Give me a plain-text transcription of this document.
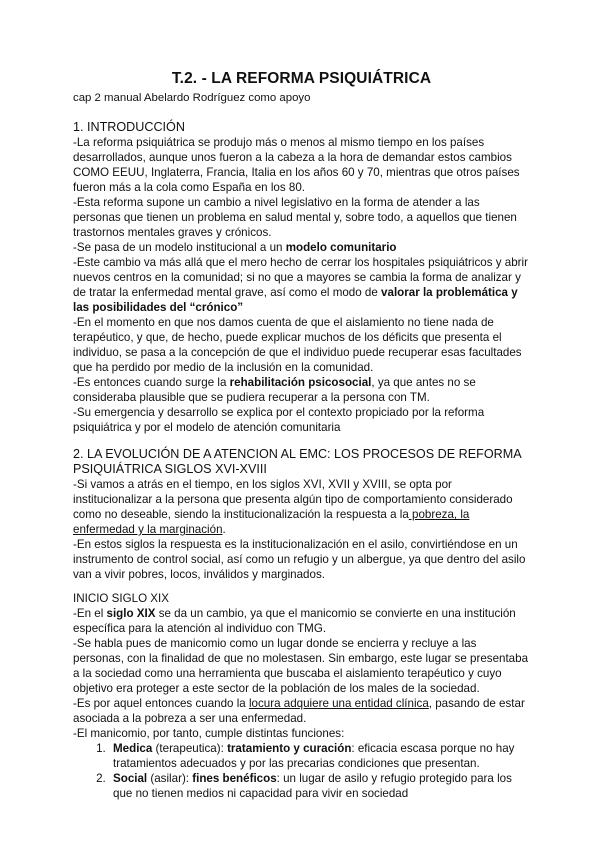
T.2. - LA REFORMA PSIQUIÁTRICA
cap 2 manual Abelardo Rodríguez como apoyo
1. INTRODUCCIÓN

-La reforma psiquiátrica se produjo más o menos al mismo tiempo en los países desarrollados, aunque unos fueron a la cabeza a la hora de demandar estos cambios COMO EEUU, Inglaterra, Francia, Italia en los años 60 y 70, mientras que otros países fueron más a la cola como España en los 80.

-Esta reforma supone un cambio a nivel legislativo en la forma de atender a las personas que tienen un problema en salud mental y, sobre todo, a aquellos que tienen trastornos mentales graves y crónicos.

-Se pasa de un modelo institucional a un modelo comunitario

-Este cambio va más allá que el mero hecho de cerrar los hospitales psiquiátricos y abrir nuevos centros en la comunidad; si no que a mayores se cambia la forma de analizar y de tratar la enfermedad mental grave, así como el modo de valorar la problemática y las posibilidades del “crónico”

-En el momento en que nos damos cuenta de que el aislamiento no tiene nada de terapéutico, y que, de hecho, puede explicar muchos de los déficits que presenta el individuo, se pasa a la concepción de que el individuo puede recuperar esas facultades que ha perdido por medio de la inclusión en la comunidad.

-Es entonces cuando surge la rehabilitación psicosocial, ya que antes no se consideraba plausible que se pudiera recuperar a la persona con TM.

-Su emergencia y desarrollo se explica por el contexto propiciado por la reforma psiquiátrica y por el modelo de atención comunitaria

2. LA EVOLUCIÓN DE A ATENCION AL EMC: LOS PROCESOS DE REFORMA PSIQUIÁTRICA SIGLOS XVI-XVIII

-Si vamos a atrás en el tiempo, en los siglos XVI, XVII y XVIII, se opta por institucionalizar a la persona que presenta algún tipo de comportamiento considerado como no deseable, siendo la institucionalización la respuesta a la pobreza, la enfermedad y la marginación.

-En estos siglos la respuesta es la institucionalización en el asilo, convirtiéndose en un instrumento de control social, así como un refugio y un albergue, ya que dentro del asilo van a vivir pobres, locos, inválidos y marginados.

INICIO SIGLO XIX

-En el siglo XIX se da un cambio, ya que el manicomio se convierte en una institución específica para la atención al individuo con TMG.

-Se habla pues de manicomio como un lugar donde se encierra y recluye a las personas, con la finalidad de que no molestasen. Sin embargo, este lugar se presentaba a la sociedad como una herramienta que buscaba el aislamiento terapéutico y cuyo objetivo era proteger a este sector de la población de los males de la sociedad.

-Es por aquel entonces cuando la locura adquiere una entidad clínica, pasando de estar asociada a la pobreza a ser una enfermedad.

-El manicomio, por tanto, cumple distintas funciones:

1. Medica (terapeutica): tratamiento y curación: eficacia escasa porque no hay tratamientos adecuados y por las precarias condiciones que presentan.
2. Social (asilar): fines benéficos: un lugar de asilo y refugio protegido para los que no tienen medios ni capacidad para vivir en sociedad
